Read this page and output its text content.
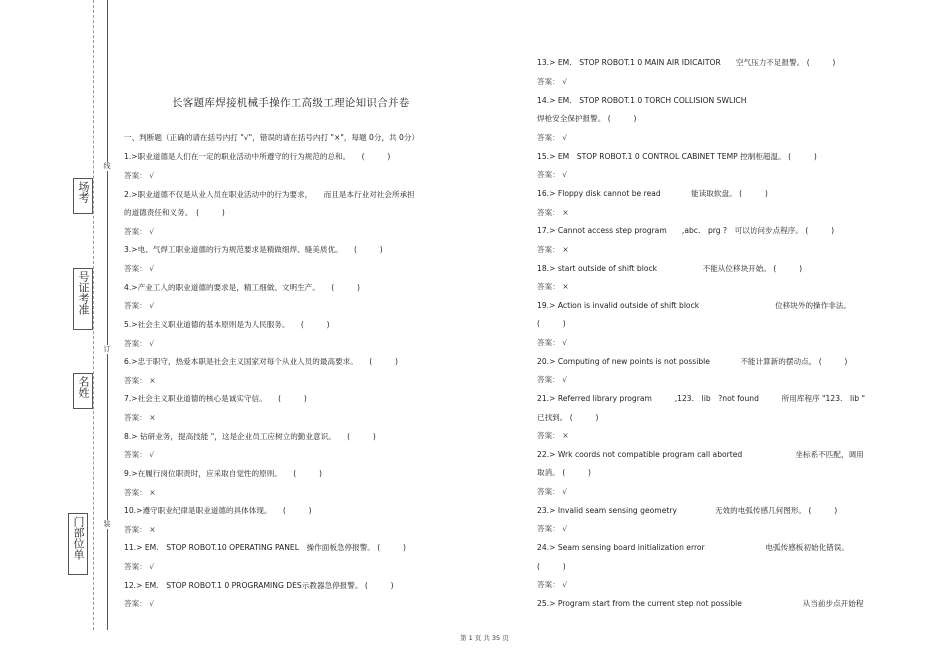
场考
号证考准
名姓
门部位单
线
订
装
长客题库焊接机械手操作工高级工理论知识合并卷
一、判断题（正确的请在括号内打 "√"，错误的请在括号内打 "×"，每题 0分，共 0分）
1.>职业道德是人们在一定的职业活动中所遵守的行为规范的总和。　　(　　　)
答案： √
2.>职业道德不仅是从业人员在职业活动中的行为要求，　　而且是本行业对社会所承担
的道德责任和义务。　(　　　)
答案： √
3.>电、气焊工职业道德的行为规范要求是精做细焊、缝美质优。　　(　　　)
答案： √
4.>产业工人的职业道德的要求是，精工细做、文明生产。　　(　　　)
答案： √
5.>社会主义职业道德的基本原则是为人民服务。　　(　　　)
答案： √
6.>忠于职守，热爱本职是社会主义国家对每个从业人员的最高要求。　　(　　　)
答案： ×
7.>社会主义职业道德的核心是诚实守信。　　(　　　)
答案： ×
8.> 钻研业务，提高技能 "，这是企业员工应树立的勤业意识。　　(　　　)
答案： √
9.>在履行岗位职责时，应采取自觉性的原则。　　(　　　)
答案： ×
10.>遵守职业纪律是职业道德的具体体现。　　(　　　)
答案： ×
11.> EM.　STOP ROBOT.10 OPERATING PANEL　操作面板急停报警。 (　　　)
答案： √
12.> EM.　STOP ROBOT.1 0 PROGRAMING DES示教器急停报警。 (　　　)
答案： √
13.> EM.　STOP ROBOT.1 0 MAIN AIR IDICAITOR　　空气压力不足报警。 (　　　)
答案： √
14.> EM.　STOP ROBOT.1 0 TORCH COLLISION SWLICH
焊枪安全保护报警。 (　　　)
答案： √
15.> EM　STOP ROBOT.1 0 CONTROL CABINET TEMP 控制柜超温。 (　　　)
答案： √
16.> Floppy disk cannot be read　　　　能读取软盘。 (　　　)
答案： ×
17.> Cannot access step program　　,abc.　prg ?　可以访问步点程序。 (　　　)
答案： ×
18.> start outside of shift block　　　　　　不能从位移块开始。 (　　　)
答案： ×
19.> Action is invalid outside of shift block　　　　　　　　　　位移块外的操作非法。
(　　　)
答案： √
20.> Computing of new points is not possible　　　　不能计算新的摆动点。 (　　　)
答案： √
21.> Referred library program　　　,123.　lib　?not found　　　所用库程序 "123.　lib "
已找到。 (　　　)
答案： ×
22.> Wrk coords not compatible program call aborted　　　　　　　坐标系不匹配，调用
取消。 (　　　)
答案： √
23.> Invalid seam sensing geometry　　　　　无效的电弧传感几何图形。 (　　　)
答案： √
24.> Seam sensing board initialization error　　　　　　　　电弧传感板初始化错误。
(　　　)
答案： √
25.> Program start from the current step not possible　　　　　　　　从当前步点开始程
第 1 页 共 35 页
